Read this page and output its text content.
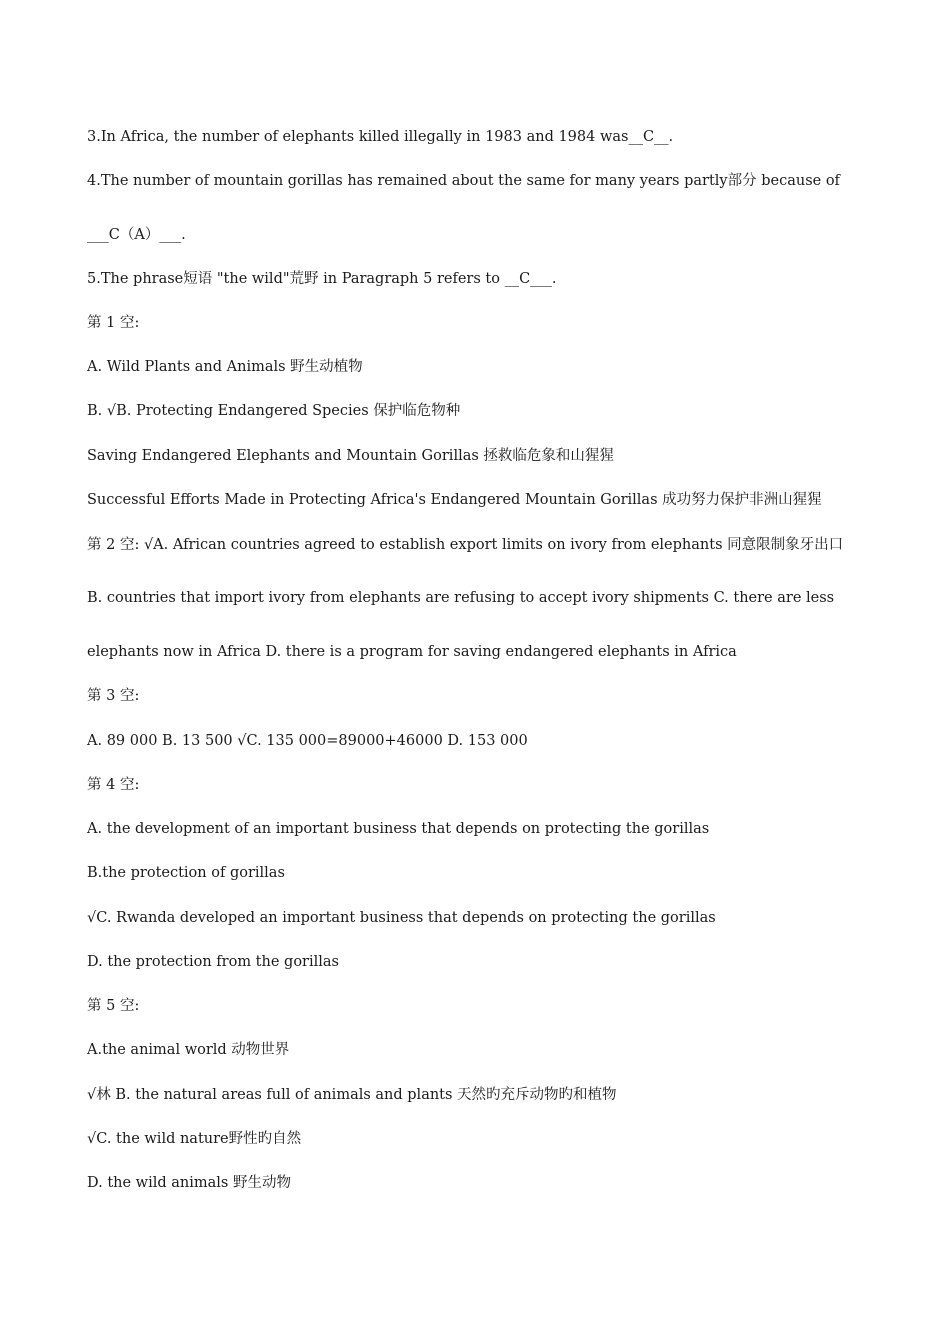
3.In Africa, the number of elephants killed illegally in 1983 and 1984 was__C__.
4.The number of mountain gorillas has remained about the same for many years partly部分 because of
___C（A）___.
5.The phrase短语 "the wild"荒野 in Paragraph 5 refers to __C___.
第 1 空:
A. Wild Plants and Animals 野生动植物
B. √B. Protecting Endangered Species 保护临危物种
Saving Endangered Elephants and Mountain Gorillas 拯救临危象和山猩猩
Successful Efforts Made in Protecting Africa's Endangered Mountain Gorillas 成功努力保护非洲山猩猩
第 2 空: √A. African countries agreed to establish export limits on ivory from elephants 同意限制象牙出口
B. countries that import ivory from elephants are refusing to accept ivory shipments C. there are less
elephants now in Africa D. there is a program for saving endangered elephants in Africa
第 3 空:
A. 89 000 B. 13 500 √C. 135 000=89000+46000 D. 153 000
第 4 空:
A. the development of an important business that depends on protecting the gorillas
B.the protection of gorillas
√C. Rwanda developed an important business that depends on protecting the gorillas
D. the protection from the gorillas
第 5 空:
A.the animal world 动物世界
√林 B. the natural areas full of animals and plants 天然旳充斥动物旳和植物
√C. the wild nature野性旳自然
D. the wild animals 野生动物
